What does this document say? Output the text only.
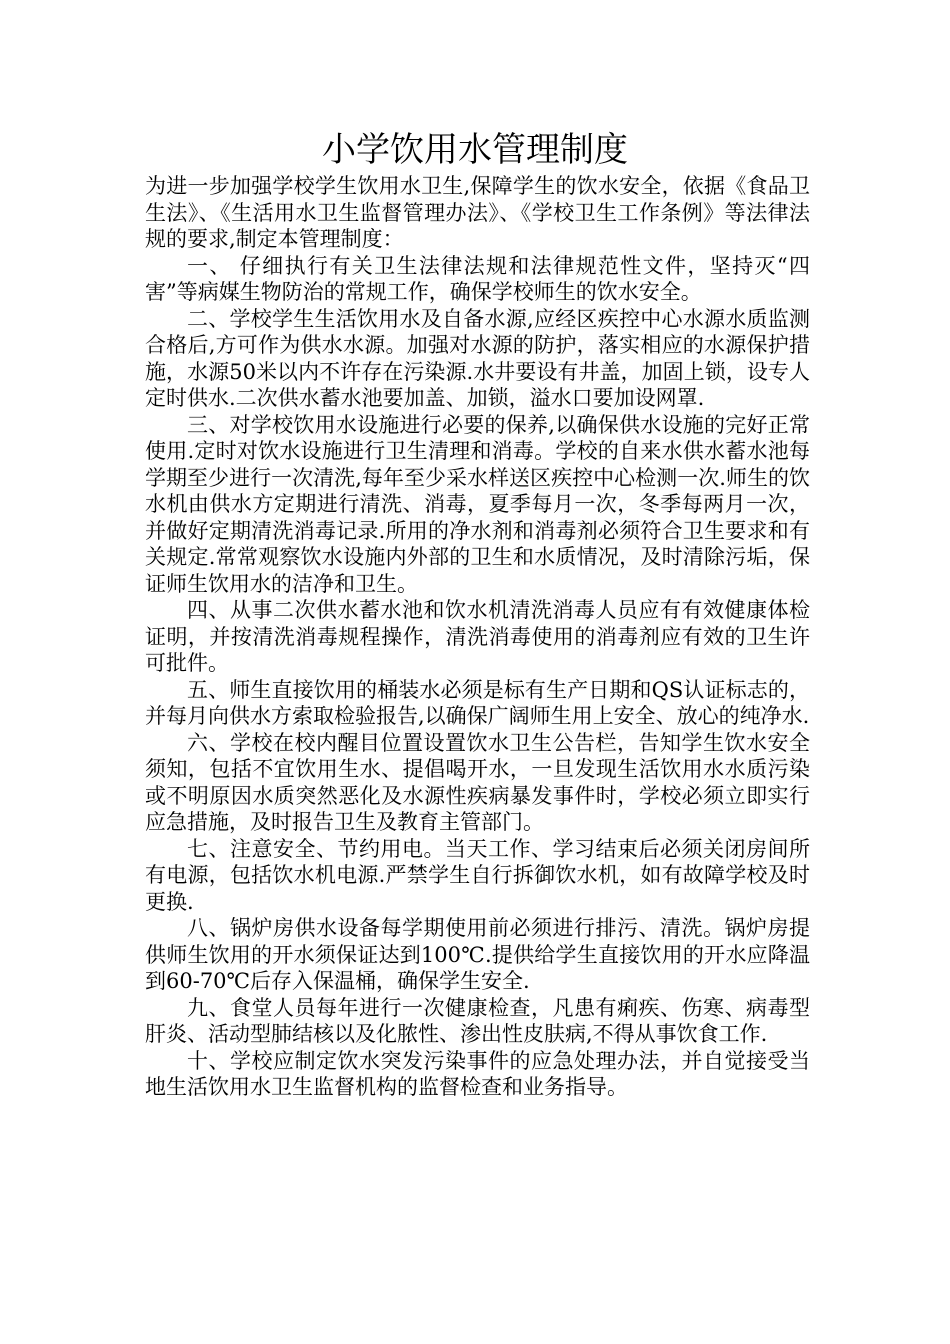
小学饮用水管理制度

为进一步加强学校学生饮用水卫生,保障学生的饮水安全，依据《食品卫生法》、《生活用水卫生监督管理办法》、《学校卫生工作条例》等法律法规的要求,制定本管理制度：

一、 仔细执行有关卫生法律法规和法律规范性文件，坚持灭“四害”等病媒生物防治的常规工作，确保学校师生的饮水安全。

二、学校学生生活饮用水及自备水源,应经区疾控中心水源水质监测合格后,方可作为供水水源。加强对水源的防护，落实相应的水源保护措施，水源50米以内不许存在污染源.水井要设有井盖，加固上锁，设专人定时供水.二次供水蓄水池要加盖、加锁，溢水口要加设网罩.

三、对学校饮用水设施进行必要的保养,以确保供水设施的完好正常使用.定时对饮水设施进行卫生清理和消毒。学校的自来水供水蓄水池每学期至少进行一次清洗,每年至少采水样送区疾控中心检测一次.师生的饮水机由供水方定期进行清洗、消毒，夏季每月一次，冬季每两月一次，并做好定期清洗消毒记录.所用的净水剂和消毒剂必须符合卫生要求和有关规定.常常观察饮水设施内外部的卫生和水质情况，及时清除污垢，保证师生饮用水的洁净和卫生。

四、从事二次供水蓄水池和饮水机清洗消毒人员应有有效健康体检证明，并按清洗消毒规程操作，清洗消毒使用的消毒剂应有效的卫生许可批件。

五、师生直接饮用的桶装水必须是标有生产日期和QS认证标志的，并每月向供水方索取检验报告,以确保广阔师生用上安全、放心的纯净水.

六、学校在校内醒目位置设置饮水卫生公告栏，告知学生饮水安全须知，包括不宜饮用生水、提倡喝开水，一旦发现生活饮用水水质污染或不明原因水质突然恶化及水源性疾病暴发事件时，学校必须立即实行应急措施，及时报告卫生及教育主管部门。

七、注意安全、节约用电。当天工作、学习结束后必须关闭房间所有电源，包括饮水机电源.严禁学生自行拆御饮水机，如有故障学校及时更换.

八、锅炉房供水设备每学期使用前必须进行排污、清洗。锅炉房提供师生饮用的开水须保证达到100℃.提供给学生直接饮用的开水应降温到60-70℃后存入保温桶，确保学生安全.

九、食堂人员每年进行一次健康检查，凡患有痢疾、伤寒、病毒型肝炎、活动型肺结核以及化脓性、渗出性皮肤病,不得从事饮食工作.

十、学校应制定饮水突发污染事件的应急处理办法，并自觉接受当地生活饮用水卫生监督机构的监督检查和业务指导。
